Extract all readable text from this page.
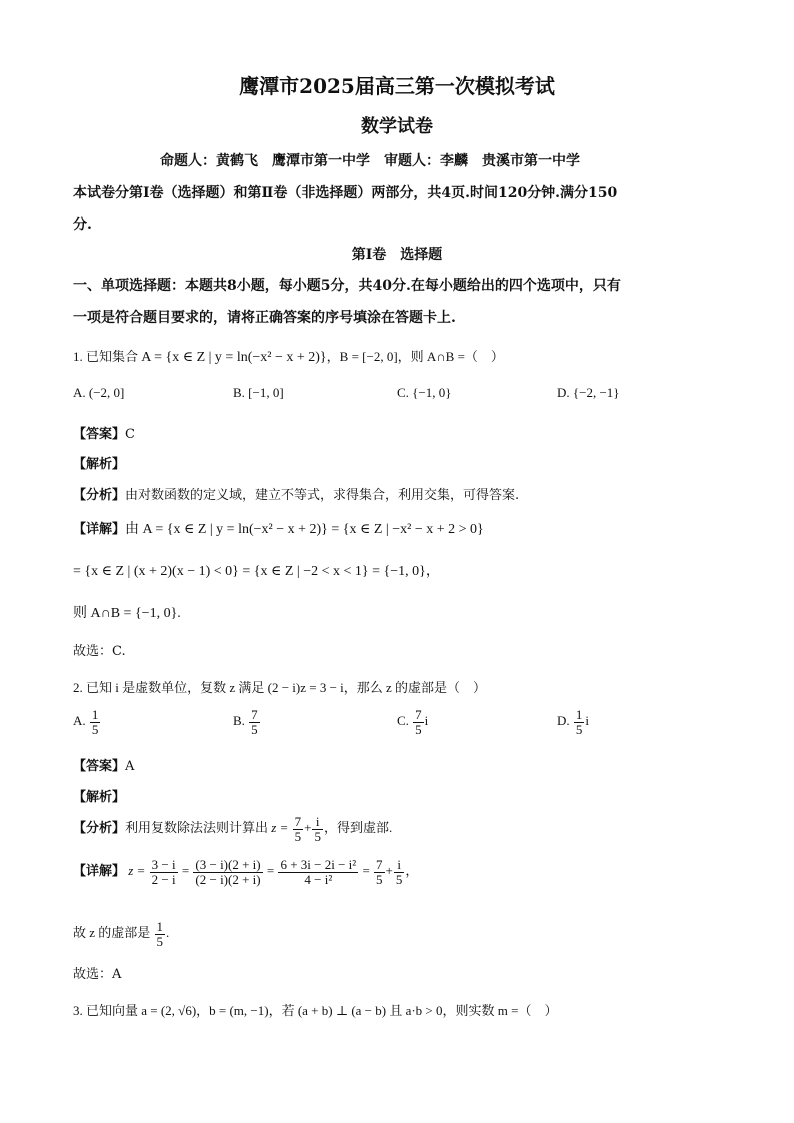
鹰潭市2025届高三第一次模拟考试
数学试卷
命题人：黄鹤飞　鹰潭市第一中学　审题人：李麟　贵溪市第一中学
本试卷分第Ⅰ卷（选择题）和第Ⅱ卷（非选择题）两部分，共4页.时间120分钟.满分150
分.
第Ⅰ卷　选择题
一、单项选择题：本题共8小题，每小题5分，共40分.在每小题给出的四个选项中，只有
一项是符合题目要求的，请将正确答案的序号填涂在答题卡上.
1. 已知集合 A = {x ∈ Z | y = ln(−x² − x + 2)}，B = [−2, 0]，则 A∩B =（　）
A. (−2, 0]	B. [−1, 0]	C. {−1, 0}	D. {−2, −1}
【答案】C
【解析】
【分析】由对数函数的定义域，建立不等式，求得集合，利用交集，可得答案.
【详解】由 A = {x ∈ Z | y = ln(−x² − x + 2)} = {x ∈ Z | −x² − x + 2 > 0}
= {x ∈ Z | (x + 2)(x − 1) < 0} = {x ∈ Z | −2 < x < 1} = {−1, 0}，
则 A∩B = {−1, 0}.
故选：C.
2. 已知 i 是虚数单位，复数 z 满足 (2 − i)z = 3 − i，那么 z 的虚部是（　）
A. $\frac{1}{5}$	B. $\frac{7}{5}$	C. $\frac{7}{5}$ i	D. $\frac{1}{5}$ i
【答案】A
【解析】
【分析】利用复数除法法则计算出 $z = \frac{7}{5} + \frac{i}{5}$ ，得到虚部.
【详解】 $z = \frac{3 - i}{2 - i} = \frac{(3 - i)(2 + i)}{(2 - i)(2 + i)} = \frac{\text{6 + 3i − 2i − i²}}{\text{4 − i²}} = \frac{7}{5} + \frac{i}{5}$ ，
故 z 的虚部是 $\frac{1}{5}$ .
故选：A
3. 已知向量 a = (2, √6)，b = (m, −1)，若 (a + b) ⊥ (a − b) 且 a·b > 0，则实数 m =（　）
